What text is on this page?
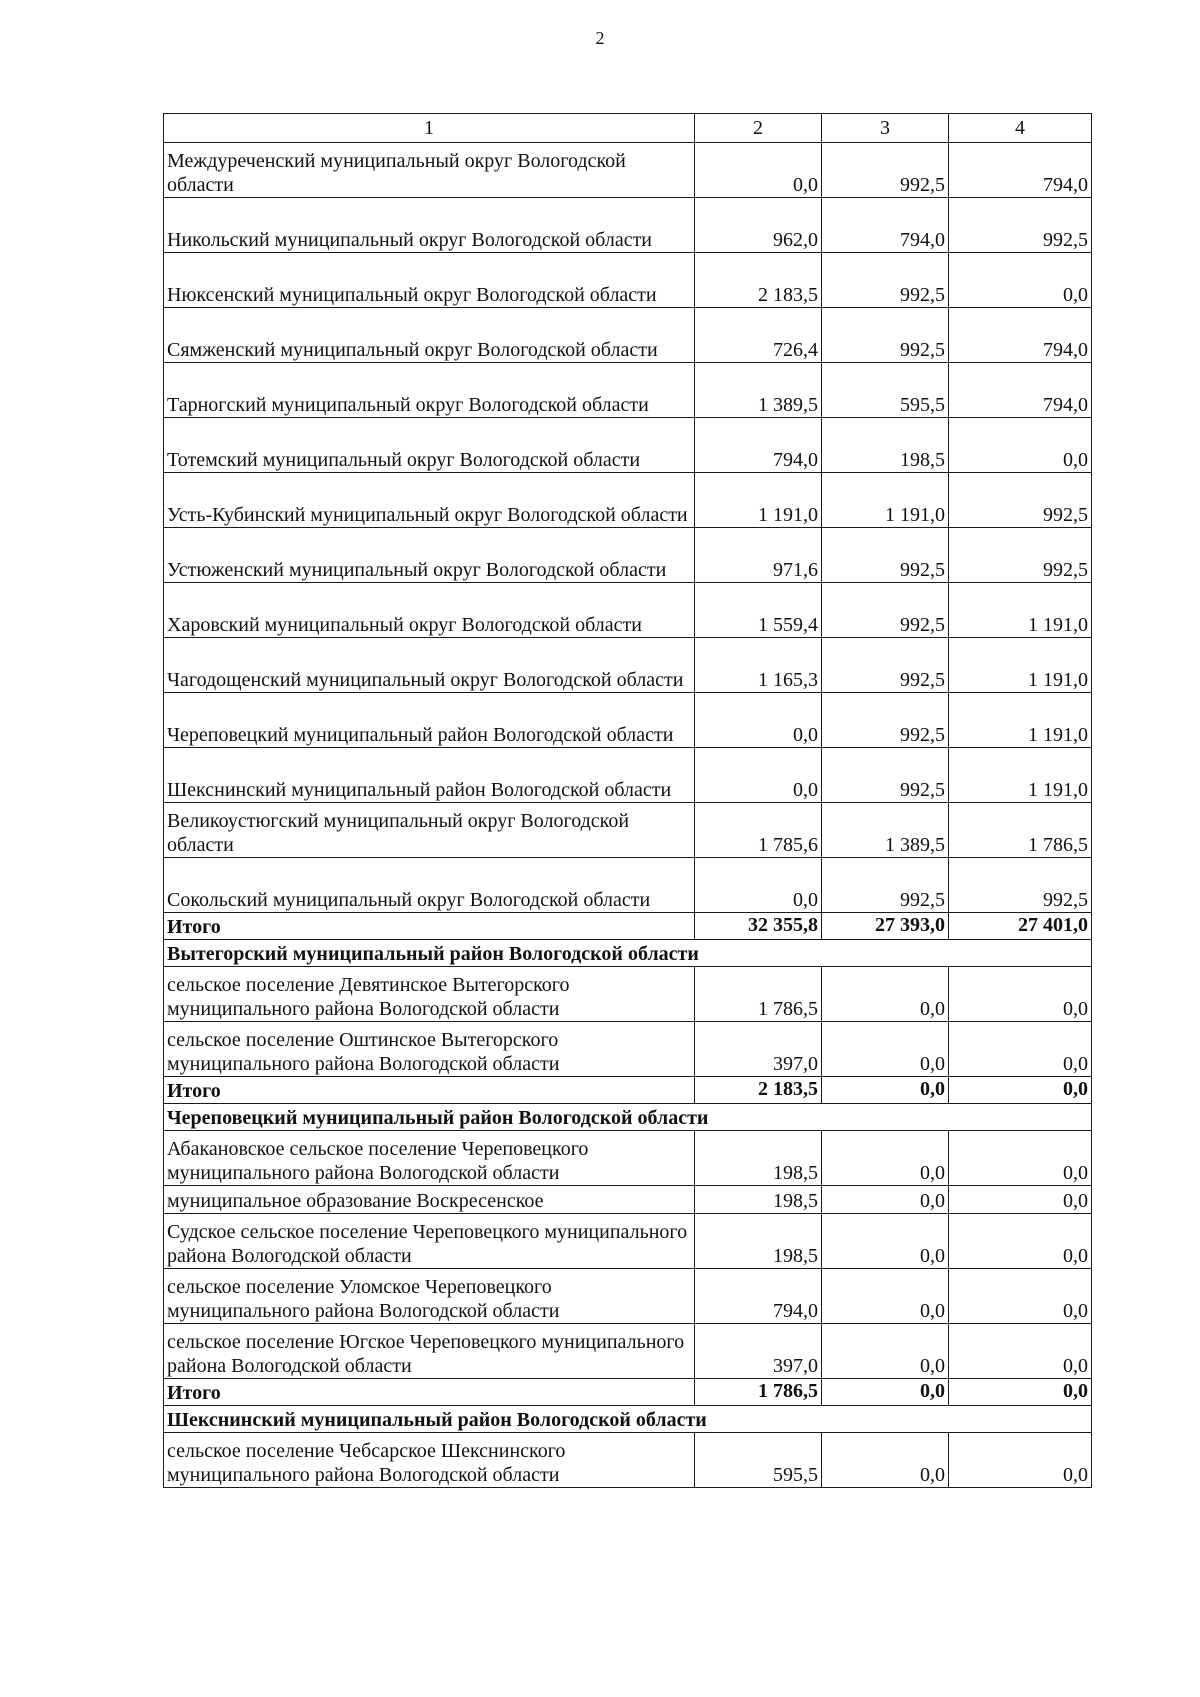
2
1	2	3	4
Междуреченский муниципальный округ Вологодской области	0,0	992,5	794,0
Никольский муниципальный округ Вологодской области	962,0	794,0	992,5
Нюксенский муниципальный округ Вологодской области	2 183,5	992,5	0,0
Сямженский муниципальный округ Вологодской области	726,4	992,5	794,0
Тарногский муниципальный округ Вологодской области	1 389,5	595,5	794,0
Тотемский муниципальный округ Вологодской области	794,0	198,5	0,0
Усть-Кубинский муниципальный округ Вологодской области	1 191,0	1 191,0	992,5
Устюженский муниципальный округ Вологодской области	971,6	992,5	992,5
Харовский муниципальный округ Вологодской области	1 559,4	992,5	1 191,0
Чагодощенский муниципальный округ Вологодской области	1 165,3	992,5	1 191,0
Череповецкий муниципальный район Вологодской области	0,0	992,5	1 191,0
Шекснинский муниципальный район Вологодской области	0,0	992,5	1 191,0
Великоустюгский муниципальный округ Вологодской области	1 785,6	1 389,5	1 786,5
Сокольский муниципальный округ Вологодской области	0,0	992,5	992,5
Итого	32 355,8	27 393,0	27 401,0
Вытегорский муниципальный район Вологодской области			
сельское поселение Девятинское Вытегорского муниципального района Вологодской области	1 786,5	0,0	0,0
сельское поселение Оштинское Вытегорского муниципального района Вологодской области	397,0	0,0	0,0
Итого	2 183,5	0,0	0,0
Череповецкий муниципальный район Вологодской области			
Абакановское сельское поселение Череповецкого муниципального района Вологодской области	198,5	0,0	0,0
муниципальное образование Воскресенское	198,5	0,0	0,0
Судское сельское поселение Череповецкого муниципального района Вологодской области	198,5	0,0	0,0
сельское поселение Уломское Череповецкого муниципального района Вологодской области	794,0	0,0	0,0
сельское поселение Югское Череповецкого муниципального района Вологодской области	397,0	0,0	0,0
Итого	1 786,5	0,0	0,0
Шекснинский муниципальный район Вологодской области			
сельское поселение Чебсарское Шекснинского муниципального района Вологодской области	595,5	0,0	0,0
